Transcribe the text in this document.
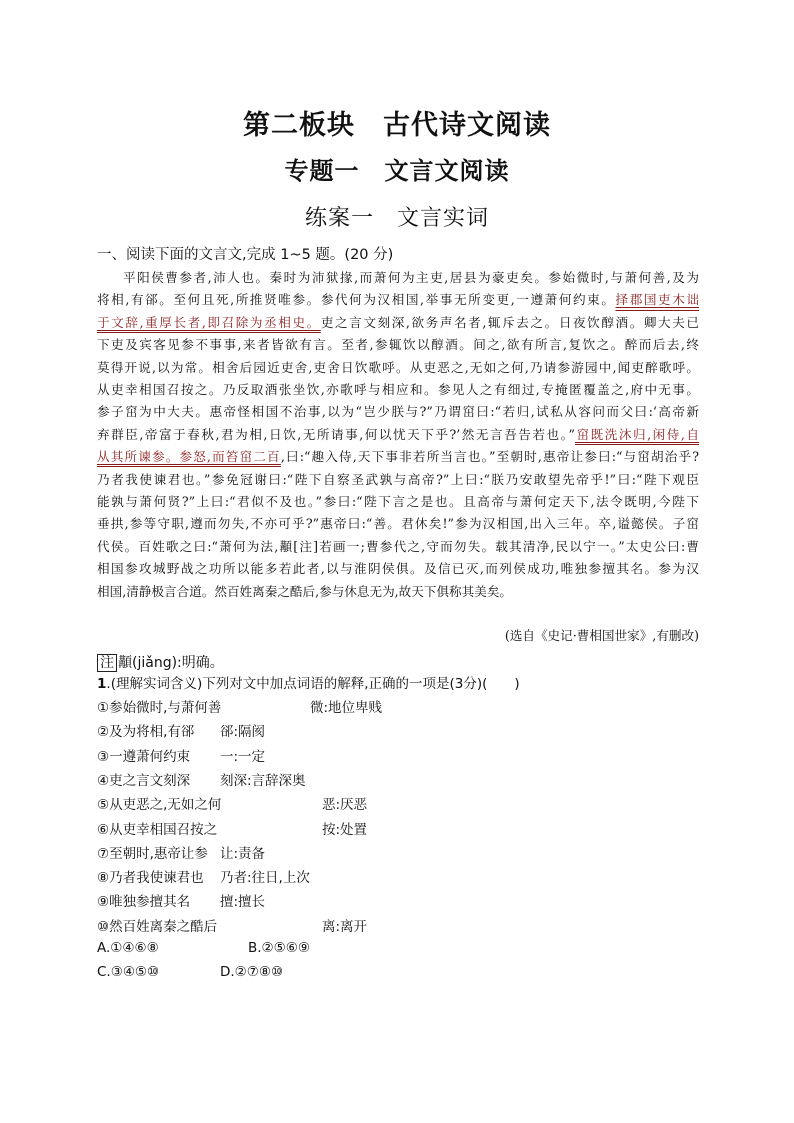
第二板块　古代诗文阅读
专题一　文言文阅读
练案一　文言实词
一、阅读下面的文言文,完成 1~5 题。(20 分)
平阳侯曹参者,沛人也。秦时为沛狱掾,而萧何为主吏,居县为豪吏矣。参始微时,与萧何善,及为
将相,有郤。至何且死,所推贤唯参。参代何为汉相国,举事无所变更,一遵萧何约束。择郡国吏木诎
于文辞,重厚长者,即召除为丞相史。吏之言文刻深,欲务声名者,辄斥去之。日夜饮醇酒。卿大夫已
下吏及宾客见参不事事,来者皆欲有言。至者,参辄饮以醇酒。间之,欲有所言,复饮之。醉而后去,终
莫得开说,以为常。相舍后园近吏舍,吏舍日饮歌呼。从吏恶之,无如之何,乃请参游园中,闻吏醉歌呼。
从吏幸相国召按之。乃反取酒张坐饮,亦歌呼与相应和。参见人之有细过,专掩匿覆盖之,府中无事。
参子窋为中大夫。惠帝怪相国不治事,以为“岂少朕与?”乃谓窋曰:“若归,试私从容问而父曰:‘高帝新
弃群臣,帝富于春秋,君为相,日饮,无所请事,何以忧天下乎?’然无言吾告若也。”窋既洗沐归,闲侍,自
从其所谏参。参怒,而笞窋二百,曰:“趣入侍,天下事非若所当言也。”至朝时,惠帝让参曰:“与窋胡治乎?
乃者我使谏君也。”参免冠谢曰:“陛下自察圣武孰与高帝?”上曰:“朕乃安敢望先帝乎!”曰:“陛下观臣
能孰与萧何贤?”上曰:“君似不及也。”参曰:“陛下言之是也。且高帝与萧何定天下,法令既明,今陛下
垂拱,参等守职,遵而勿失,不亦可乎?”惠帝曰:“善。君休矣!”参为汉相国,出入三年。卒,谥懿侯。子窋
代侯。百姓歌之曰:“萧何为法,顜[注]若画一;曹参代之,守而勿失。载其清净,民以宁一。”太史公曰:曹
相国参攻城野战之功所以能多若此者,以与淮阴侯俱。及信已灭,而列侯成功,唯独参擅其名。参为汉
相国,清静极言合道。然百姓离秦之酷后,参与休息无为,故天下俱称其美矣。
(选自《史记·曹相国世家》,有删改)
注 顜(jiǎng):明确。
1.(理解实词含义)下列对文中加点词语的解释,正确的一项是(3分)(　　)
①参始微时,与萧何善	微:地位卑贱
②及为将相,有郤 郤:隔阂
③一遵萧何约束 一:一定
④吏之言文刻深 刻深:言辞深奥
⑤从吏恶之,无如之何	恶:厌恶
⑥从吏幸相国召按之	按:处置
⑦至朝时,惠帝让参 让:责备
⑧乃者我使谏君也 乃者:往日,上次
⑨唯独参擅其名 擅:擅长
⑩然百姓离秦之酷后	离:离开
A.①④⑥⑧	B.②⑤⑥⑨
C.③④⑤⑩	D.②⑦⑧⑩
